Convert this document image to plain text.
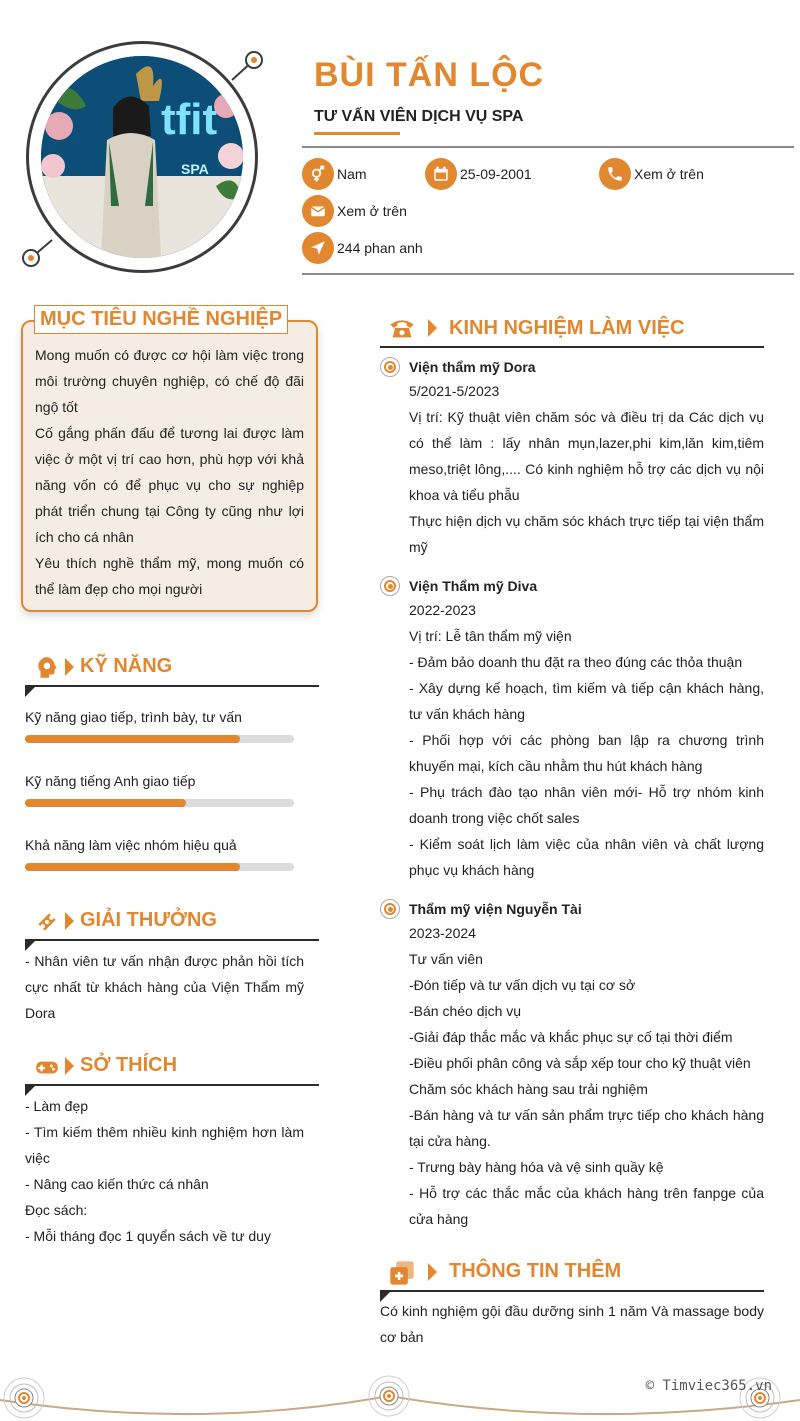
tfit
SPA
BÙI TẤN LỘC
TƯ VẤN VIÊN DỊCH VỤ SPA
Nam	25-09-2001	Xem ở trên
Xem ở trên
244 phan anh
MỤC TIÊU NGHỀ NGHIỆP
Mong muốn có được cơ hội làm việc trong môi trường chuyên nghiệp, có chế độ đãi ngộ tốt
Cố gắng phấn đấu để tương lai được làm việc ở một vị trí cao hơn, phù hợp với khả năng vốn có để phục vụ cho sự nghiệp phát triển chung tại Công ty cũng như lợi ích cho cá nhân
Yêu thích nghề thẩm mỹ, mong muốn có thể làm đẹp cho mọi người
KỸ NĂNG
Kỹ năng giao tiếp, trình bày, tư vấn
Kỹ năng tiếng Anh giao tiếp
Khả năng làm việc nhóm hiệu quả
GIẢI THƯỞNG
- Nhân viên tư vấn nhận được phản hồi tích cực nhất từ khách hàng của Viện Thẩm mỹ Dora
SỞ THÍCH
- Làm đẹp
- Tìm kiếm thêm nhiều kinh nghiệm hơn làm việc
- Nâng cao kiến thức cá nhân
Đọc sách:
- Mỗi tháng đọc 1 quyển sách về tư duy
KINH NGHIỆM LÀM VIỆC
Viện thẩm mỹ Dora
5/2021-5/2023
Vị trí: Kỹ thuật viên chăm sóc và điều trị da Các dịch vụ có thể làm : lấy nhân mụn,lazer,phi kim,lăn kim,tiêm meso,triệt lông,.... Có kinh nghiệm hỗ trợ các dịch vụ nội khoa và tiểu phẫu
Thực hiện dịch vụ chăm sóc khách trực tiếp tại viện thẩm mỹ
Viện Thẩm mỹ Diva
2022-2023
Vị trí: Lễ tân thẩm mỹ viện
- Đảm bảo doanh thu đặt ra theo đúng các thỏa thuận
- Xây dựng kế hoạch, tìm kiếm và tiếp cận khách hàng, tư vấn khách hàng
- Phối hợp với các phòng ban lập ra chương trình khuyến mại, kích cầu nhằm thu hút khách hàng
- Phụ trách đào tạo nhân viên mới- Hỗ trợ nhóm kinh doanh trong việc chốt sales
- Kiểm soát lịch làm việc của nhân viên và chất lượng phục vụ khách hàng
Thẩm mỹ viện Nguyễn Tài
2023-2024
Tư vấn viên
-Đón tiếp và tư vấn dịch vụ tại cơ sở
-Bán chéo dịch vụ
-Giải đáp thắc mắc và khắc phục sự cố tại thời điểm
-Điều phối phân công và sắp xếp tour cho kỹ thuật viên
Chăm sóc khách hàng sau trải nghiệm
-Bán hàng và tư vấn sản phẩm trực tiếp cho khách hàng tại cửa hàng.
- Trưng bày hàng hóa và vệ sinh quầy kệ
- Hỗ trợ các thắc mắc của khách hàng trên fanpge của cửa hàng
THÔNG TIN THÊM
Có kinh nghiệm gội đầu dưỡng sinh 1 năm Và massage body cơ bản
© Timviec365.vn
